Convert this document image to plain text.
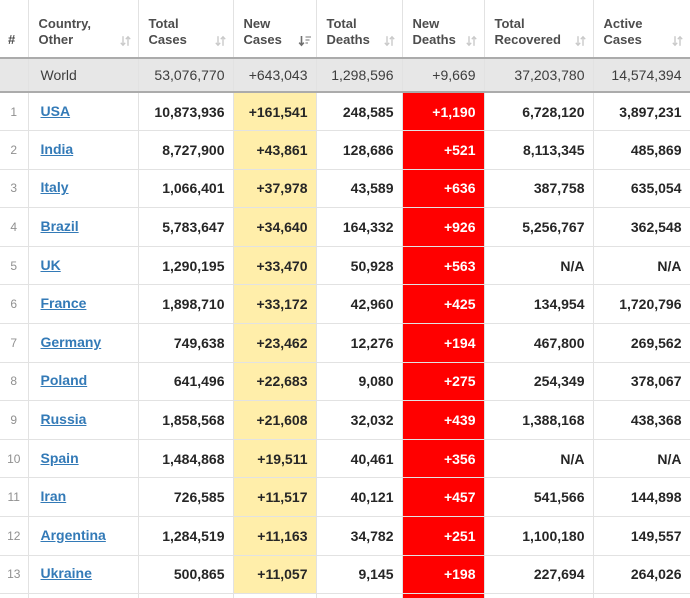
#	Country, Other	Total Cases	New Cases	Total Deaths	New Deaths	Total Recovered	Active Cases

	World	53,076,770	+643,043	1,298,596	+9,669	37,203,780	14,574,394
1	USA	10,873,936	+161,541	248,585	+1,190	6,728,120	3,897,231
2	India	8,727,900	+43,861	128,686	+521	8,113,345	485,869
3	Italy	1,066,401	+37,978	43,589	+636	387,758	635,054
4	Brazil	5,783,647	+34,640	164,332	+926	5,256,767	362,548
5	UK	1,290,195	+33,470	50,928	+563	N/A	N/A
6	France	1,898,710	+33,172	42,960	+425	134,954	1,720,796
7	Germany	749,638	+23,462	12,276	+194	467,800	269,562
8	Poland	641,496	+22,683	9,080	+275	254,349	378,067
9	Russia	1,858,568	+21,608	32,032	+439	1,388,168	438,368
10	Spain	1,484,868	+19,511	40,461	+356	N/A	N/A
11	Iran	726,585	+11,517	40,121	+457	541,566	144,898
12	Argentina	1,284,519	+11,163	34,782	+251	1,100,180	149,557
13	Ukraine	500,865	+11,057	9,145	+198	227,694	264,026
